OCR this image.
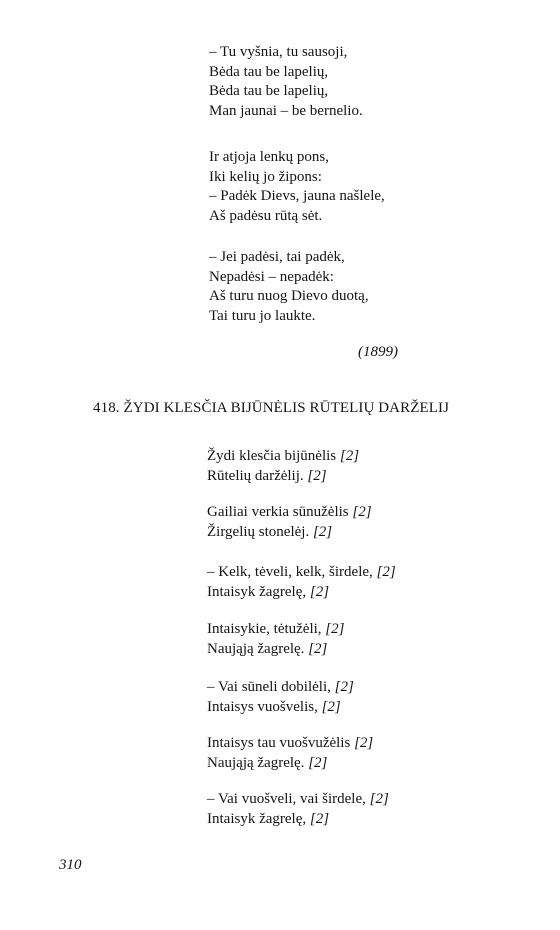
– Tu vyšnia, tu sausoji,
Bėda tau be lapelių,
Bėda tau be lapelių,
Man jaunai – be bernelio.
Ir atjoja lenkų pons,
Iki kelių jo žipons:
– Padėk Dievs, jauna našlele,
Aš padėsu rūtą sėt.
– Jei padėsi, tai padėk,
Nepadėsi – nepadėk:
Aš turu nuog Dievo duotą,
Tai turu jo laukte.
(1899)
418. ŽYDI KLESČIA BIJŪNĖLIS RŪTELIŲ DARŽELIJ
Žydi klesčia bijūnėlis [2]
Rūtelių daržėlij. [2]
Gailiai verkia sūnužėlis [2]
Žirgelių stonelėj. [2]
– Kelk, tėveli, kelk, širdele, [2]
Intaisyk žagrelę, [2]
Intaisykie, tėtužėli, [2]
Naująją žagrelę. [2]
– Vai sūneli dobilėli, [2]
Intaisys vuošvelis, [2]
Intaisys tau vuošvužėlis [2]
Naująją žagrelę. [2]
– Vai vuošveli, vai širdele, [2]
Intaisyk žagrelę, [2]
310
